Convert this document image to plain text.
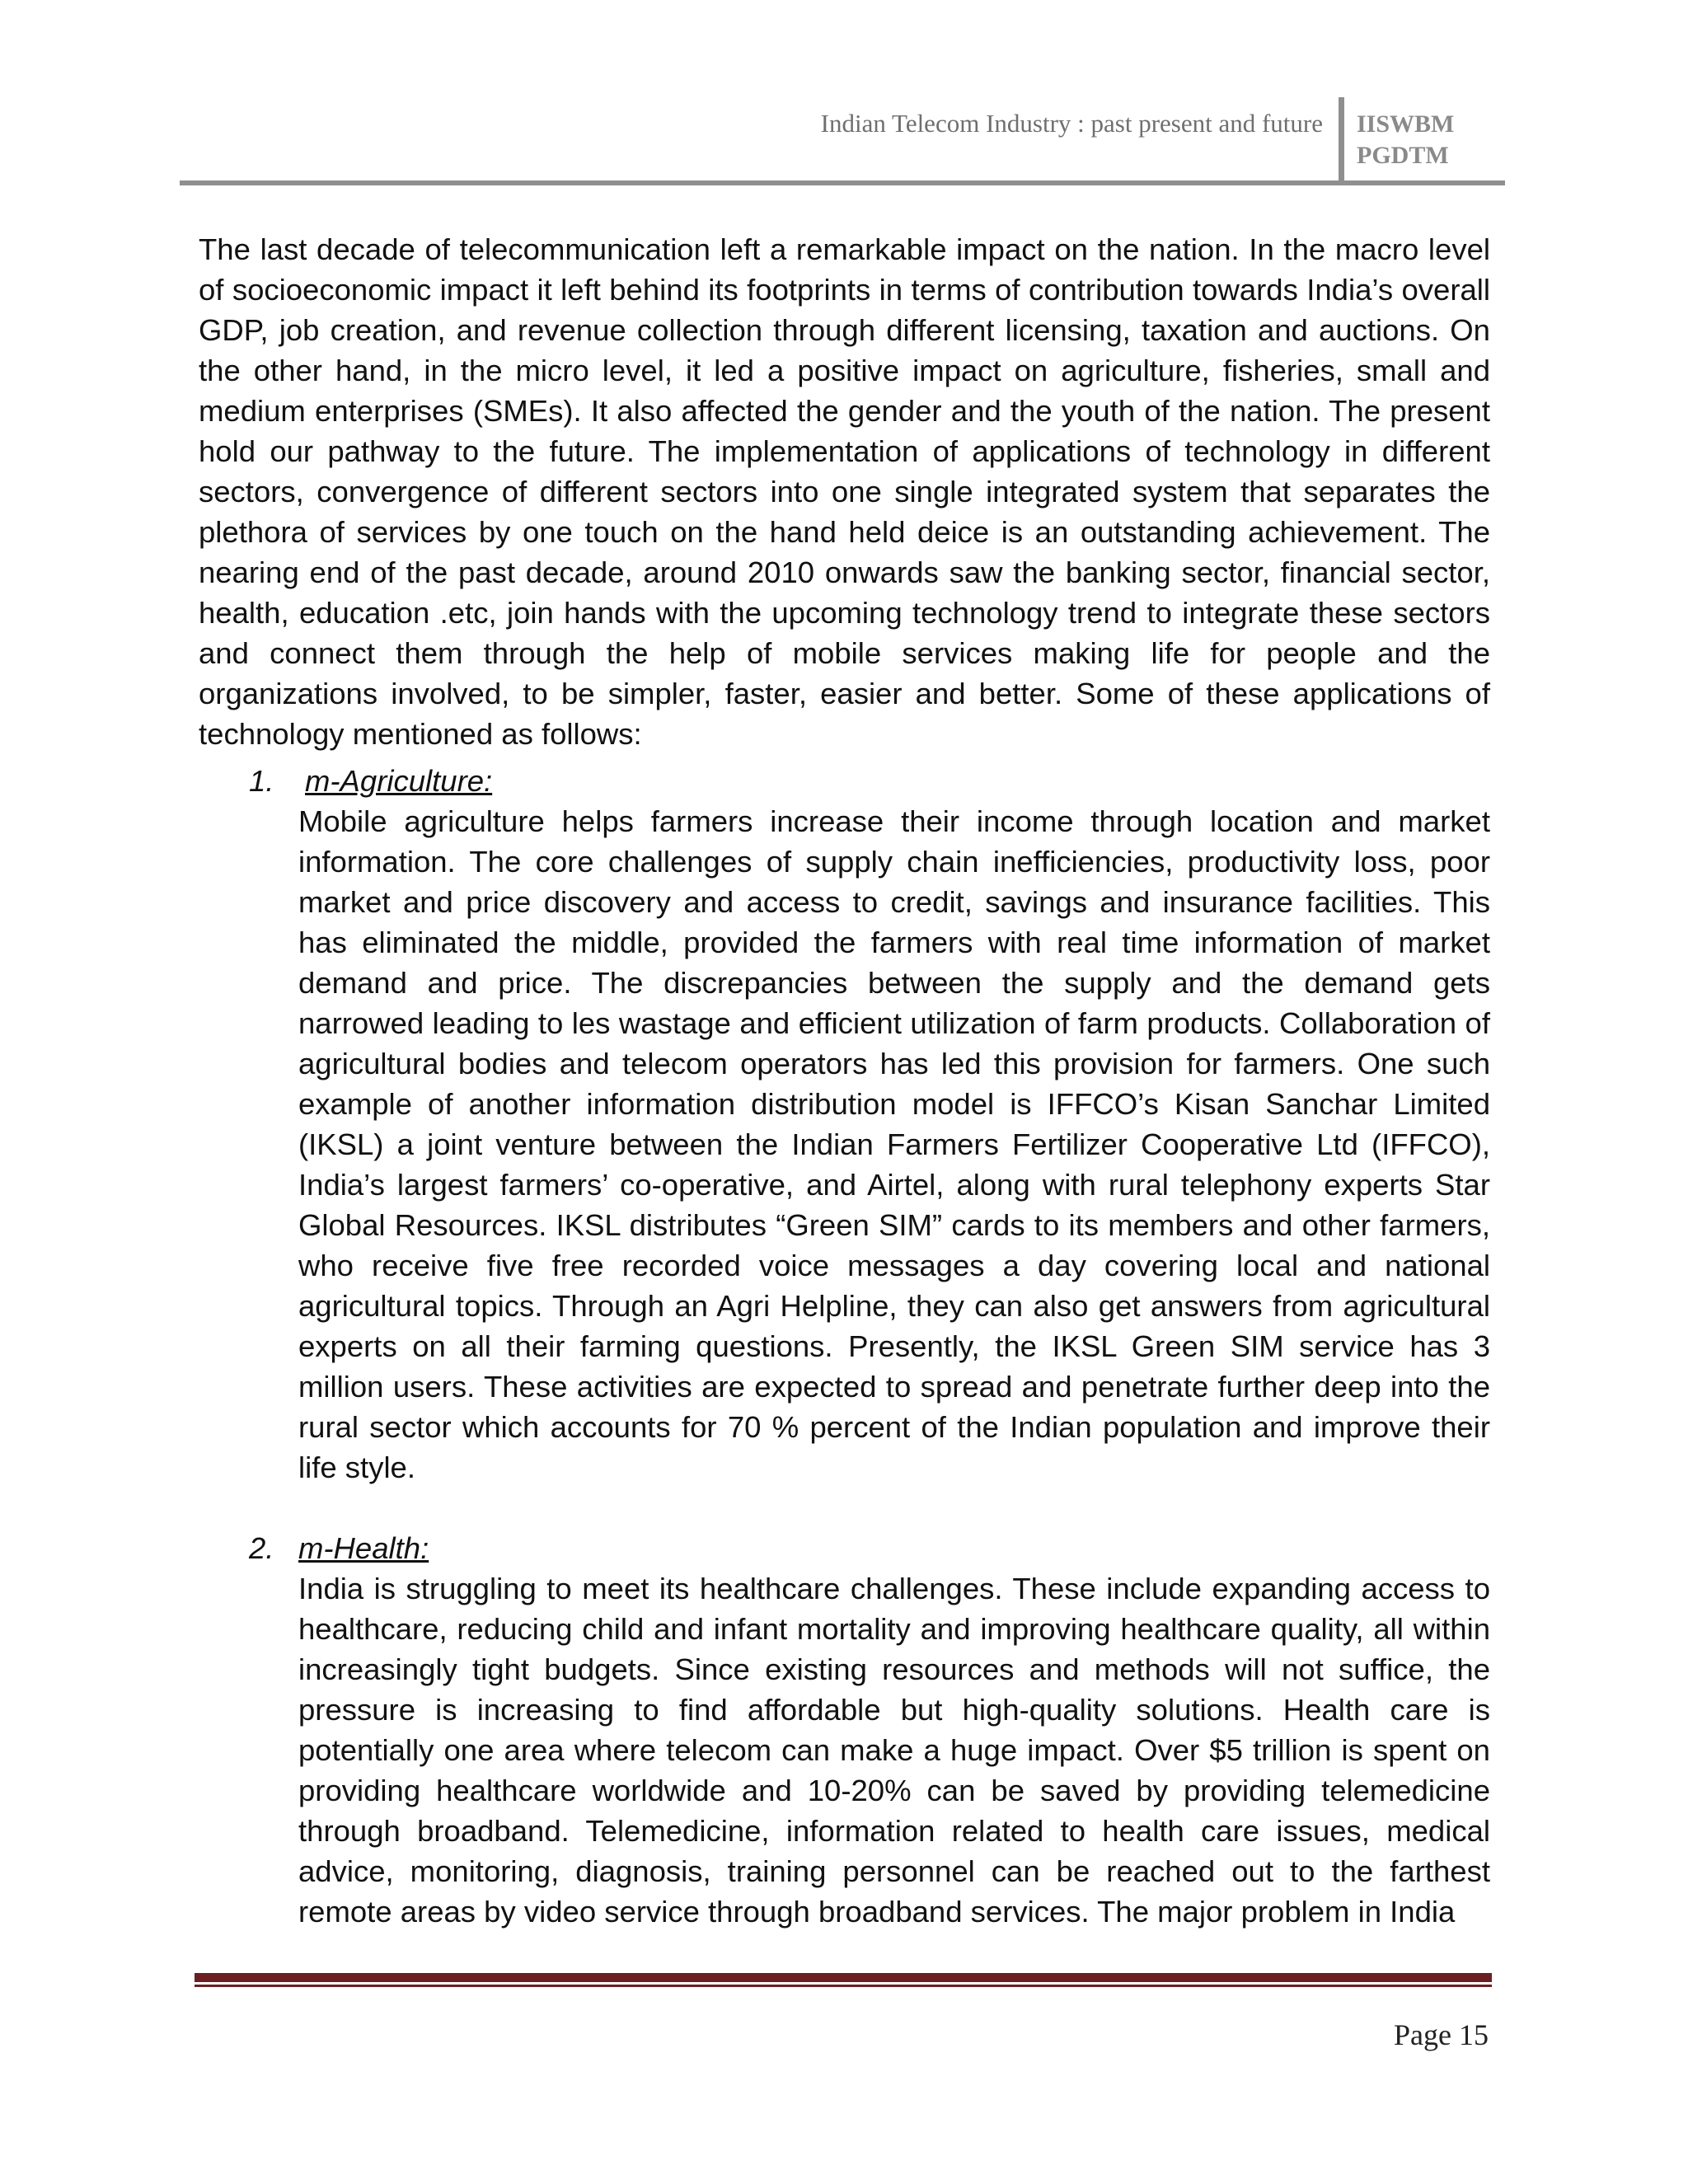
Indian Telecom Industry : past present and future IISWBM
PGDTM

The last decade of telecommunication left a remarkable impact on the nation. In the macro level of socioeconomic impact it left behind its footprints in terms of contribution towards India’s overall GDP, job creation, and revenue collection through different licensing, taxation and auctions. On the other hand, in the micro level, it led a positive impact on agriculture, fisheries, small and medium enterprises (SMEs). It also affected the gender and the youth of the nation. The present hold our pathway to the future. The implementation of applications of technology in different sectors, convergence of different sectors into one single integrated system that separates the plethora of services by one touch on the hand held deice is an outstanding achievement. The nearing end of the past decade, around 2010 onwards saw the banking sector, financial sector, health, education .etc, join hands with the upcoming technology trend to integrate these sectors and connect them through the help of mobile services making life for people and the organizations involved, to be simpler, faster, easier and better. Some of these applications of technology mentioned as follows:

1. m-Agriculture:
Mobile agriculture helps farmers increase their income through location and market information. The core challenges of supply chain inefficiencies, productivity loss, poor market and price discovery and access to credit, savings and insurance facilities. This has eliminated the middle, provided the farmers with real time information of market demand and price. The discrepancies between the supply and the demand gets narrowed leading to les wastage and efficient utilization of farm products. Collaboration of agricultural bodies and telecom operators has led this provision for farmers. One such example of another information distribution model is IFFCO’s Kisan Sanchar Limited (IKSL) a joint venture between the Indian Farmers Fertilizer Cooperative Ltd (IFFCO), India’s largest farmers’ co-operative, and Airtel, along with rural telephony experts Star Global Resources. IKSL distributes “Green SIM” cards to its members and other farmers, who receive five free recorded voice messages a day covering local and national agricultural topics. Through an Agri Helpline, they can also get answers from agricultural experts on all their farming questions. Presently, the IKSL Green SIM service has 3 million users. These activities are expected to spread and penetrate further deep into the rural sector which accounts for 70 % percent of the Indian population and improve their life style.
2. m-Health:
India is struggling to meet its healthcare challenges. These include expanding access to healthcare, reducing child and infant mortality and improving healthcare quality, all within increasingly tight budgets. Since existing resources and methods will not suffice, the pressure is increasing to find affordable but high-quality solutions. Health care is potentially one area where telecom can make a huge impact. Over $5 trillion is spent on providing healthcare worldwide and 10-20% can be saved by providing telemedicine through broadband. Telemedicine, information related to health care issues, medical advice, monitoring, diagnosis, training personnel can be reached out to the farthest remote areas by video service through broadband services. The major problem in India
Page 15
